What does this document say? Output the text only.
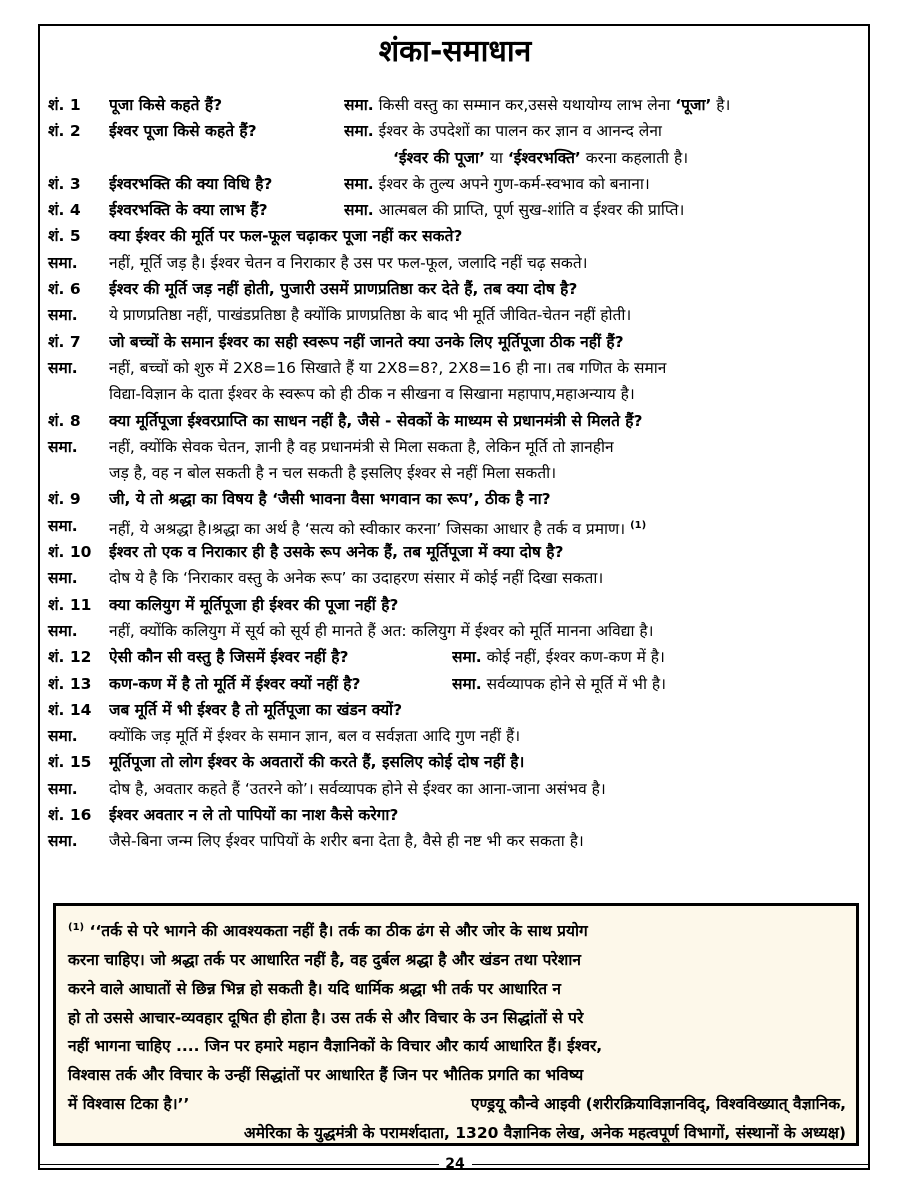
शंका-समाधान
शं. 1	पूजा किसे कहते हैं?	समा. किसी वस्तु का सम्मान कर,उससे यथायोग्य लाभ लेना ‘पूजा’ है।
शं. 2	ईश्वर पूजा किसे कहते हैं?	समा. ईश्वर के उपदेशों का पालन कर ज्ञान व आनन्द लेना
‘ईश्वर की पूजा’ या ‘ईश्वरभक्ति’ करना कहलाती है।
शं. 3	ईश्वरभक्ति की क्या विधि है?	समा. ईश्वर के तुल्य अपने गुण-कर्म-स्वभाव को बनाना।
शं. 4	ईश्वरभक्ति के क्या लाभ हैं?	समा. आत्मबल की प्राप्ति, पूर्ण सुख-शांति व ईश्वर की प्राप्ति।
शं. 5	क्या ईश्वर की मूर्ति पर फल-फूल चढ़ाकर पूजा नहीं कर सकते?
समा.	नहीं, मूर्ति जड़ है। ईश्वर चेतन व निराकार है उस पर फल-फूल, जलादि नहीं चढ़ सकते।
शं. 6	ईश्वर की मूर्ति जड़ नहीं होती, पुजारी उसमें प्राणप्रतिष्ठा कर देते हैं, तब क्या दोष है?
समा.	ये प्राणप्रतिष्ठा नहीं, पाखंडप्रतिष्ठा है क्योंकि प्राणप्रतिष्ठा के बाद भी मूर्ति जीवित-चेतन नहीं होती।
शं. 7	जो बच्चों के समान ईश्वर का सही स्वरूप नहीं जानते क्या उनके लिए मूर्तिपूजा ठीक नहीं हैं?
समा.	नहीं, बच्चों को शुरु में 2X8=16 सिखाते हैं या 2X8=8?, 2X8=16 ही ना। तब गणित के समान
विद्या-विज्ञान के दाता ईश्वर के स्वरूप को ही ठीक न सीखना व सिखाना महापाप,महाअन्याय है।
शं. 8	क्या मूर्तिपूजा ईश्वरप्राप्ति का साधन नहीं है, जैसे - सेवकों के माध्यम से प्रधानमंत्री से मिलते हैं?
समा.	नहीं, क्योंकि सेवक चेतन, ज्ञानी है वह प्रधानमंत्री से मिला सकता है, लेकिन मूर्ति तो ज्ञानहीन
जड़ है, वह न बोल सकती है न चल सकती है इसलिए ईश्वर से नहीं मिला सकती।
शं. 9	जी, ये तो श्रद्धा का विषय है ‘जैसी भावना वैसा भगवान का रूप’, ठीक है ना?
समा.	नहीं, ये अश्रद्धा है।श्रद्धा का अर्थ है ‘सत्य को स्वीकार करना’ जिसका आधार है तर्क व प्रमाण। $^{(1)}$
शं. 10	ईश्वर तो एक व निराकार ही है उसके रूप अनेक हैं, तब मूर्तिपूजा में क्या दोष है?
समा.	दोष ये है कि ‘निराकार वस्तु के अनेक रूप’ का उदाहरण संसार में कोई नहीं दिखा सकता।
शं. 11	क्या कलियुग में मूर्तिपूजा ही ईश्वर की पूजा नहीं है?
समा.	नहीं, क्योंकि कलियुग में सूर्य को सूर्य ही मानते हैं अत: कलियुग में ईश्वर को मूर्ति मानना अविद्या है।
शं. 12	ऐसी कौन सी वस्तु है जिसमें ईश्वर नहीं है?	समा. कोई नहीं, ईश्वर कण-कण में है।
शं. 13	कण-कण में है तो मूर्ति में ईश्वर क्यों नहीं है?	समा. सर्वव्यापक होने से मूर्ति में भी है।
शं. 14	जब मूर्ति में भी ईश्वर है तो मूर्तिपूजा का खंडन क्यों?
समा.	क्योंकि जड़ मूर्ति में ईश्वर के समान ज्ञान, बल व सर्वज्ञता आदि गुण नहीं हैं।
शं. 15	मूर्तिपूजा तो लोग ईश्वर के अवतारों की करते हैं, इसलिए कोई दोष नहीं है।
समा.	दोष है, अवतार कहते हैं ‘उतरने को’। सर्वव्यापक होने से ईश्वर का आना-जाना असंभव है।
शं. 16	ईश्वर अवतार न ले तो पापियों का नाश कैसे करेगा?
समा.	जैसे-बिना जन्म लिए ईश्वर पापियों के शरीर बना देता है, वैसे ही नष्ट भी कर सकता है।
$^{(1)}$ ‘‘तर्क से परे भागने की आवश्यकता नहीं है। तर्क का ठीक ढंग से और जोर के साथ प्रयोग
करना चाहिए। जो श्रद्धा तर्क पर आधारित नहीं है, वह दुर्बल श्रद्धा है और खंडन तथा परेशान
करने वाले आघातों से छिन्न भिन्न हो सकती है। यदि धार्मिक श्रद्धा भी तर्क पर आधारित न
हो तो उससे आचार-व्यवहार दूषित ही होता है। उस तर्क से और विचार के उन सिद्धांतों से परे
नहीं भागना चाहिए .... जिन पर हमारे महान वैज्ञानिकों के विचार और कार्य आधारित हैं। ईश्वर,
विश्वास तर्क और विचार के उन्हीं सिद्धांतों पर आधारित हैं जिन पर भौतिक प्रगति का भविष्य
में विश्वास टिका है।’’	एण्ड्रयू कौन्वे आइवी (शरीरक्रियाविज्ञानविद्, विश्वविख्यात् वैज्ञानिक,
अमेरिका के युद्धमंत्री के परामर्शदाता, 1320 वैज्ञानिक लेख, अनेक महत्वपूर्ण विभागों, संस्थानों के अध्यक्ष)
24
